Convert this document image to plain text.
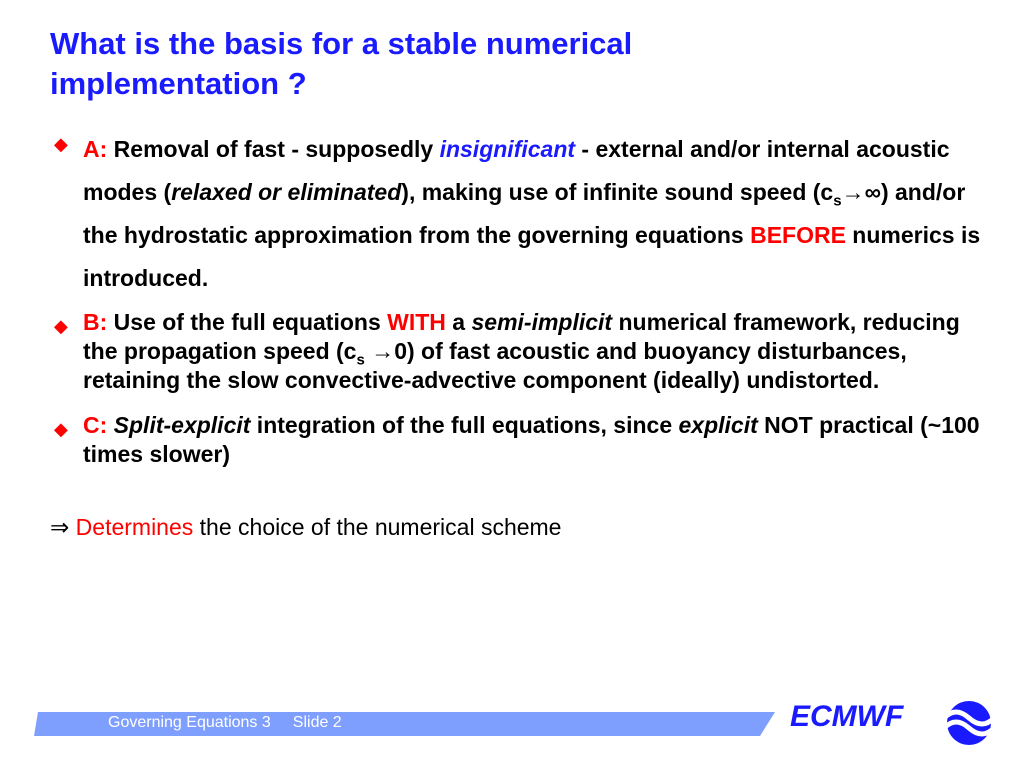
What is the basis for a stable numerical
implementation ?
◆ A: Removal of fast - supposedly insignificant - external and/or internal acoustic modes (relaxed or eliminated), making use of infinite sound speed $(c_s\to\infty)$ and/or the hydrostatic approximation from the governing equations BEFORE numerics is introduced.
◆ B: Use of the full equations WITH a semi-implicit numerical framework, reducing the propagation speed $(c_s \to 0)$ of fast acoustic and buoyancy disturbances, retaining the slow convective-advective component (ideally) undistorted.
◆ C: Split-explicit integration of the full equations, since explicit NOT practical (~100 times slower)
⇒ Determines the choice of the numerical scheme
Governing Equations 3 Slide 2	ECMWF
